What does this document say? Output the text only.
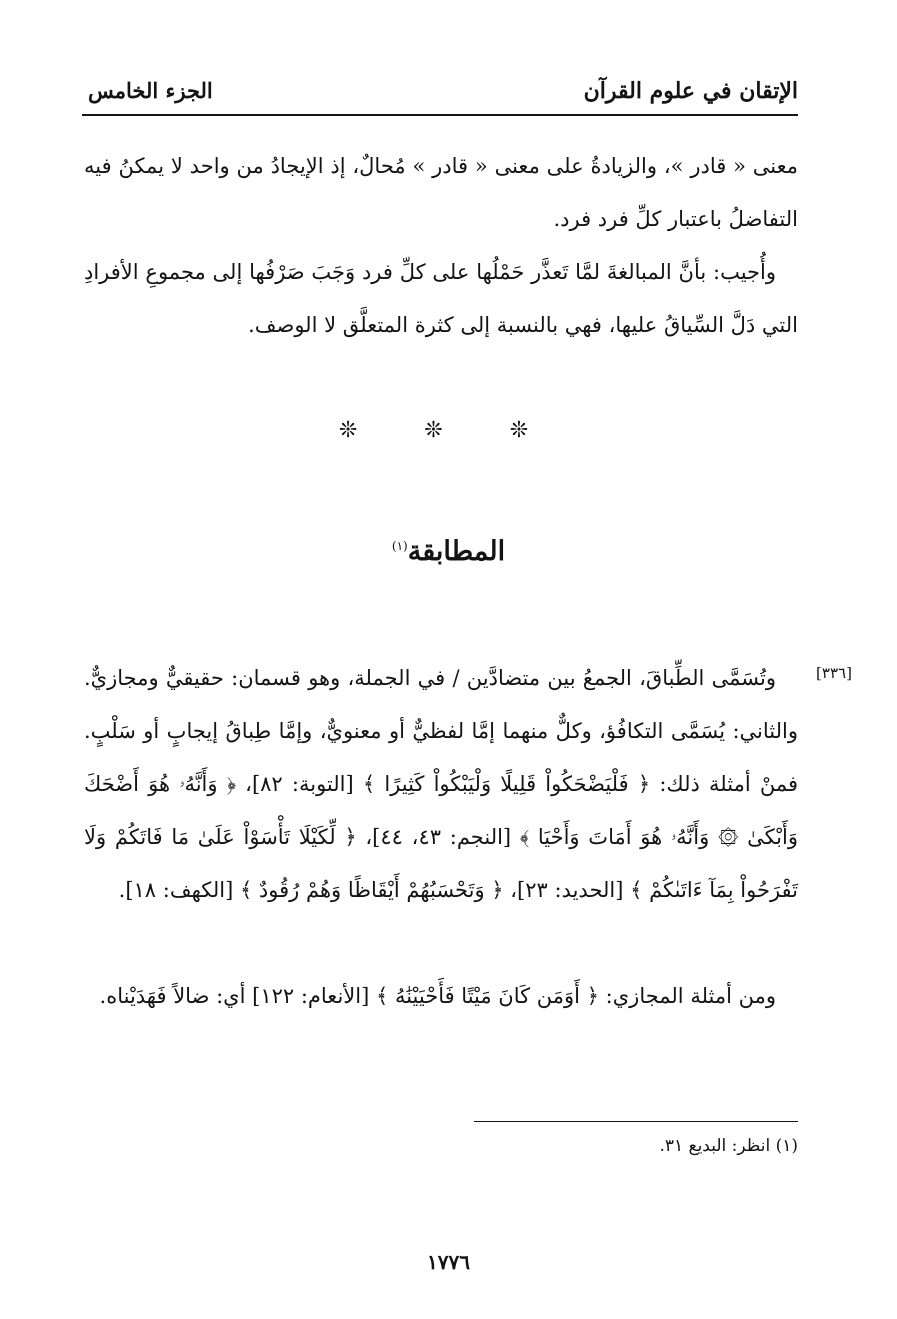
الإتقان في علوم القرآن
الجزء الخامس

معنى « قادر »، والزيادةُ على معنى « قادر » مُحالٌ، إذ الإيجادُ من واحد لا يمكنُ فيه التفاضلُ باعتبار كلِّ فرد فرد.

وأُجيب: بأنَّ المبالغةَ لمَّا تَعذَّر حَمْلُها على كلِّ فرد وَجَبَ صَرْفُها إلى مجموعِ الأفرادِ التي دَلَّ السِّياقُ عليها، فهي بالنسبة إلى كثرة المتعلَّق لا الوصف.

❊ ❊ ❊
المطابقة$^{(١)}$
[٣٣٦]

وتُسَمَّى الطِّباقَ، الجمعُ بين متضادَّين / في الجملة، وهو قسمان: حقيقيٌّ ومجازيٌّ. والثاني: يُسَمَّى التكافُؤ، وكلٌّ منهما إمَّا لفظيٌّ أو معنويٌّ، وإمَّا طِباقُ إيجابٍ أو سَلْبٍ. فمنْ أمثلة ذلك: ﴿ فَلْيَضْحَكُواْ قَلِيلًا وَلْيَبْكُواْ كَثِيرًا ﴾ [التوبة: ٨٢]، ﴿ وَأَنَّهُۥ هُوَ أَضْحَكَ وَأَبْكَىٰ ۞ وَأَنَّهُۥ هُوَ أَمَاتَ وَأَحْيَا ﴾ [النجم: ٤٣، ٤٤]، ﴿ لِّكَيْلَا تَأْسَوْاْ عَلَىٰ مَا فَاتَكُمْ وَلَا تَفْرَحُواْ بِمَآ ءَاتَىٰكُمْ ﴾ [الحديد: ٢٣]، ﴿ وَتَحْسَبُهُمْ أَيْقَاظًا وَهُمْ رُقُودٌ ﴾ [الكهف: ١٨].

ومن أمثلة المجازي: ﴿ أَوَمَن كَانَ مَيْتًا فَأَحْيَيْنَٰهُ ﴾ [الأنعام: ١٢٢] أي: ضالاً فَهَدَيْناه.

(١) انظر: البديع ٣١.
١٧٧٦
